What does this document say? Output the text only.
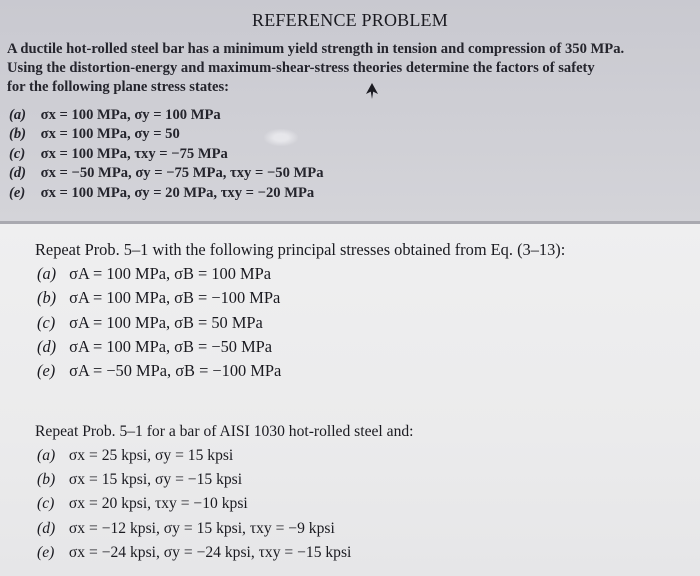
REFERENCE PROBLEM
A ductile hot-rolled steel bar has a minimum yield strength in tension and compression of 350 MPa.
Using the distortion-energy and maximum-shear-stress theories determine the factors of safety
for the following plane stress states:
(a) σx = 100 MPa, σy = 100 MPa
(b) σx = 100 MPa, σy = 50
(c) σx = 100 MPa, τxy = −75 MPa
(d) σx = −50 MPa, σy = −75 MPa, τxy = −50 MPa
(e) σx = 100 MPa, σy = 20 MPa, τxy = −20 MPa
Repeat Prob. 5–1 with the following principal stresses obtained from Eq. (3–13):
(a) σA = 100 MPa, σB = 100 MPa
(b) σA = 100 MPa, σB = −100 MPa
(c) σA = 100 MPa, σB = 50 MPa
(d) σA = 100 MPa, σB = −50 MPa
(e) σA = −50 MPa, σB = −100 MPa
Repeat Prob. 5–1 for a bar of AISI 1030 hot-rolled steel and:
(a) σx = 25 kpsi, σy = 15 kpsi
(b) σx = 15 kpsi, σy = −15 kpsi
(c) σx = 20 kpsi, τxy = −10 kpsi
(d) σx = −12 kpsi, σy = 15 kpsi, τxy = −9 kpsi
(e) σx = −24 kpsi, σy = −24 kpsi, τxy = −15 kpsi
